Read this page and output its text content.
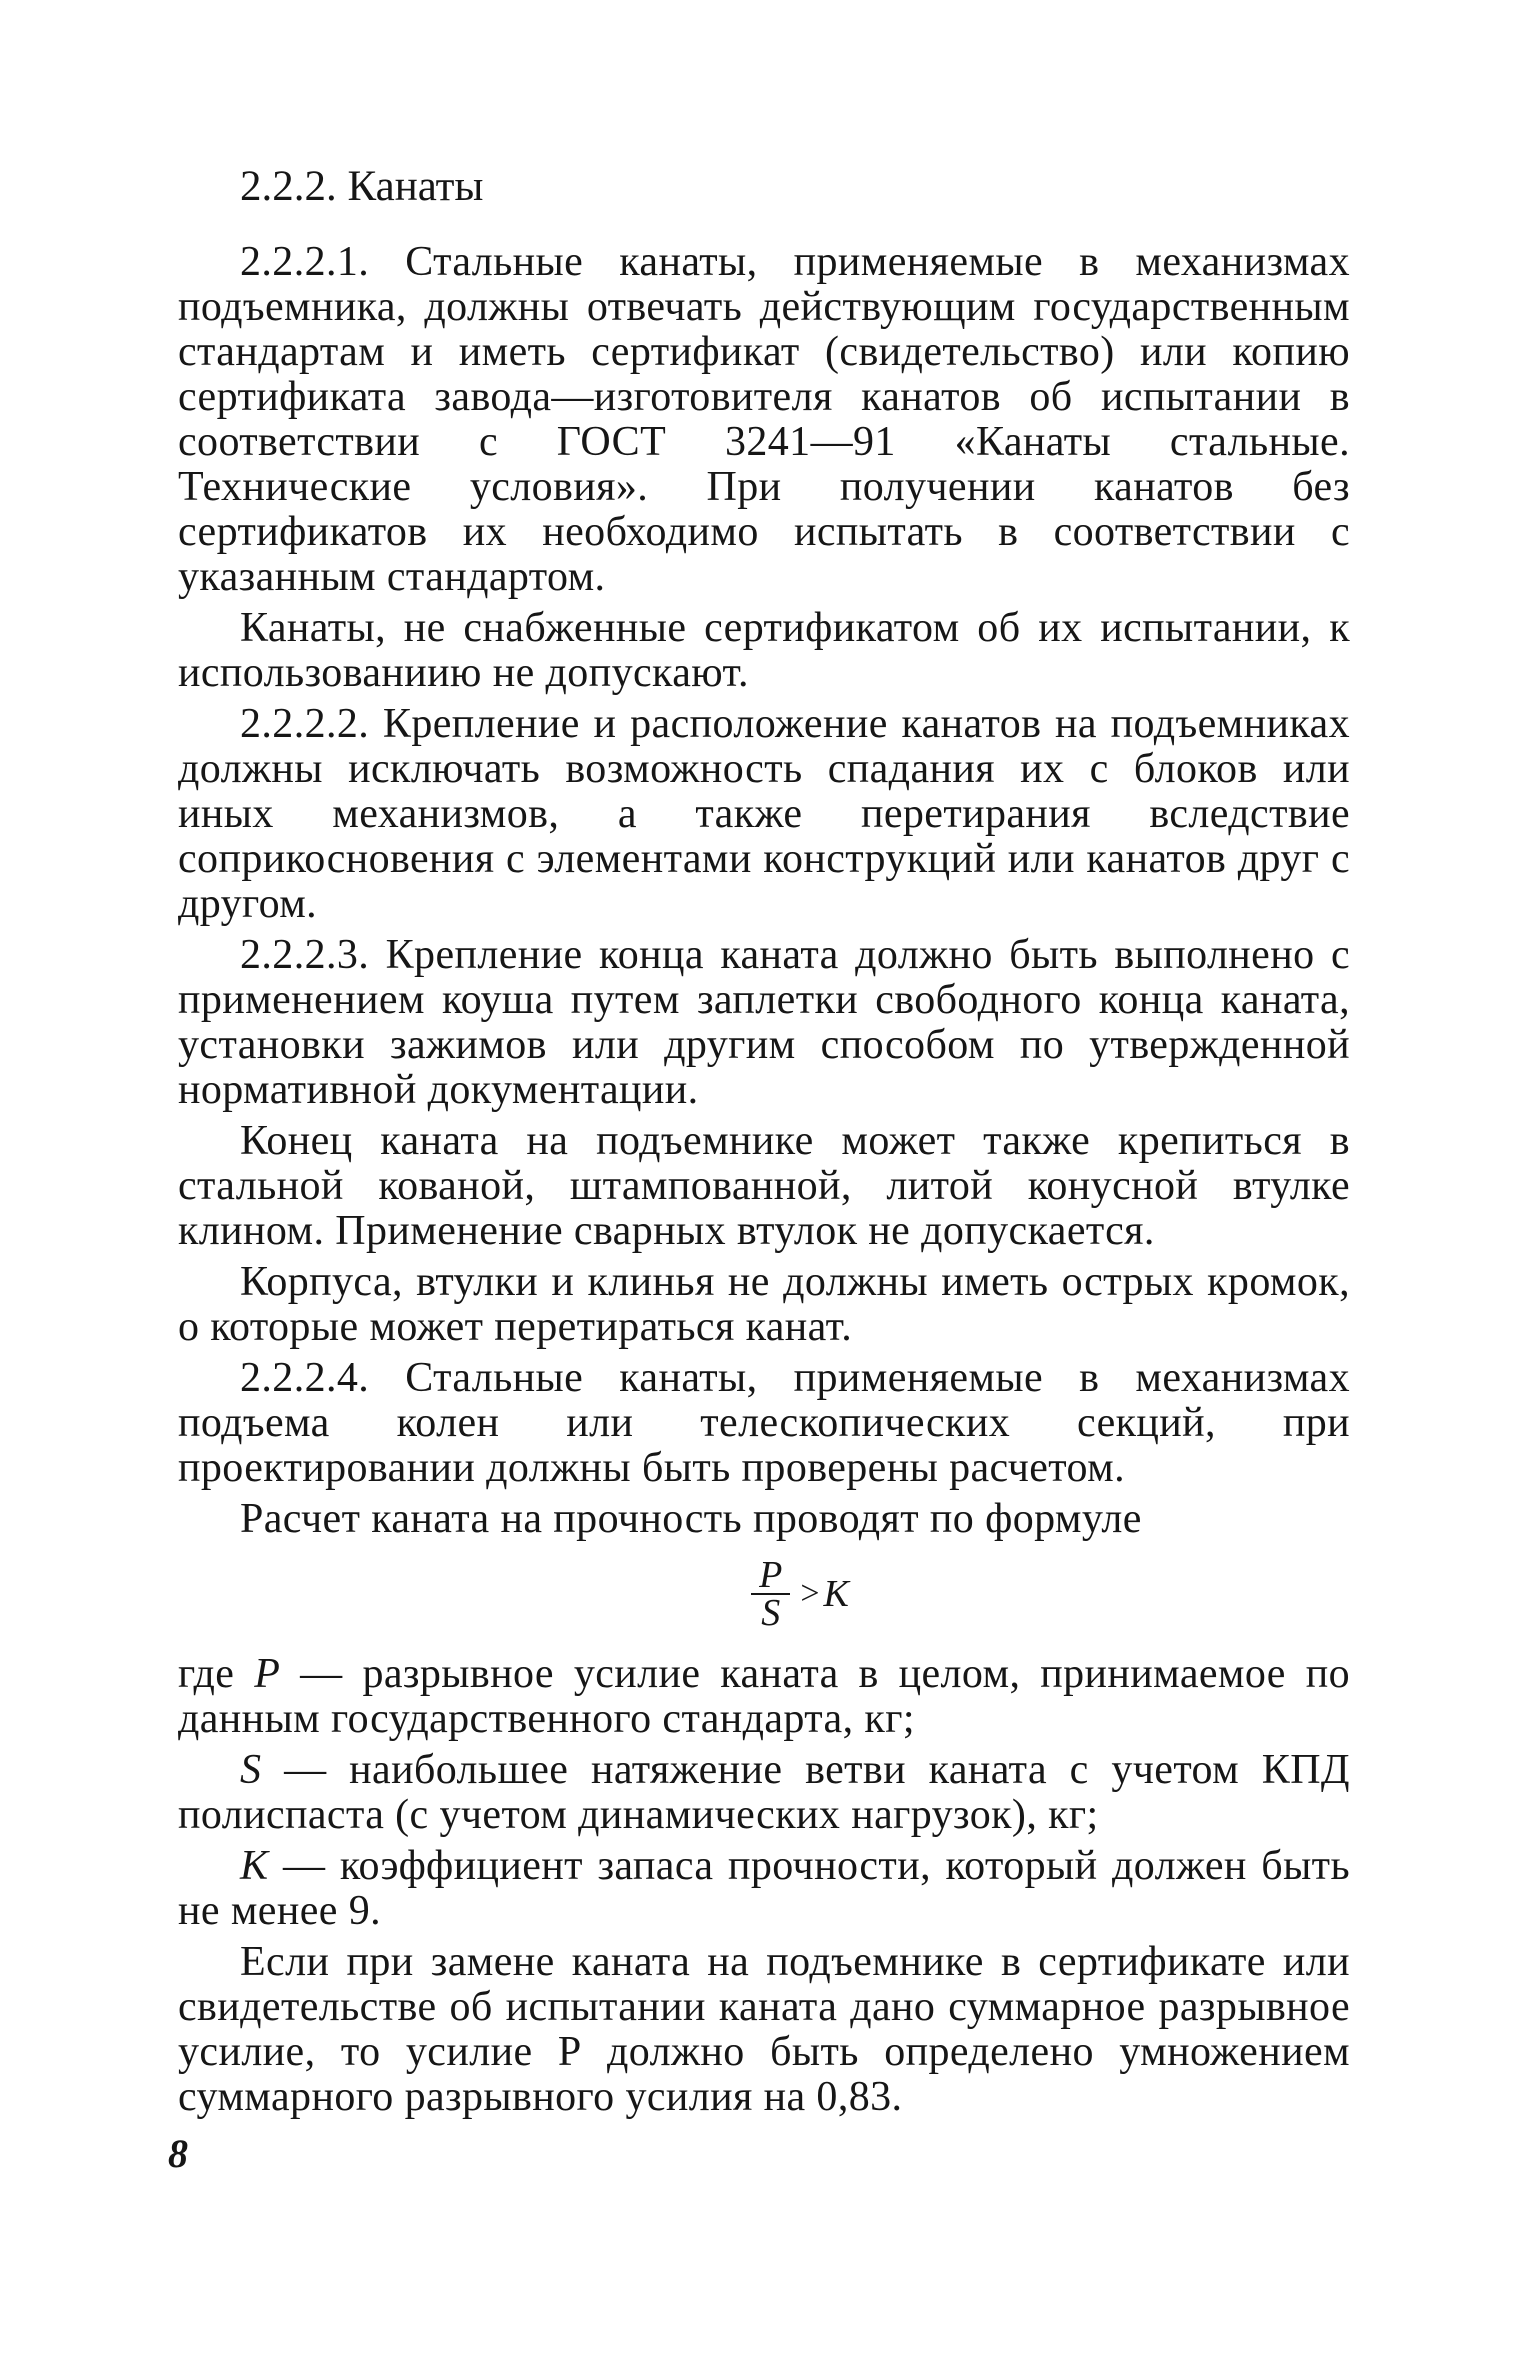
2.2.2. Канаты

2.2.2.1. Стальные канаты, применяемые в механизмах подъемника, должны отвечать действующим государственным стандартам и иметь сертификат (свидетельство) или копию сертификата завода—изготовителя канатов об испытании в соответствии с ГОСТ 3241—91 «Канаты стальные. Технические условия». При получении канатов без сертификатов их необходимо испытать в соответствии с указанным стандартом.

Канаты, не снабженные сертификатом об их испытании, к использованиию не допускают.

2.2.2.2. Крепление и расположение канатов на подъемниках должны исключать возможность спадания их с блоков или иных механизмов, а также перетирания вследствие соприкосновения с элементами конструкций или канатов друг с другом.

2.2.2.3. Крепление конца каната должно быть выполнено с применением коуша путем заплетки свободного конца каната, установки зажимов или другим способом по утвержденной нормативной документации.

Конец каната на подъемнике может также крепиться в стальной кованой, штампованной, литой конусной втулке клином. Применение сварных втулок не допускается.

Корпуса, втулки и клинья не должны иметь острых кромок, о которые может перетираться канат.

2.2.2.4. Стальные канаты, применяемые в механизмах подъема колен или телескопических секций, при проектировании должны быть проверены расчетом.

Расчет каната на прочность проводят по формуле

$\frac{P}{S} > K$

где P — разрывное усилие каната в целом, принимаемое по данным государственного стандарта, кг;

S — наибольшее натяжение ветви каната с учетом КПД полиспаста (с учетом динамических нагрузок), кг;

K — коэффициент запаса прочности, который должен быть не менее 9.

Если при замене каната на подъемнике в сертификате или свидетельстве об испытании каната дано суммарное разрывное усилие, то усилие Р должно быть определено умножением суммарного разрывного усилия на 0,83.

8
